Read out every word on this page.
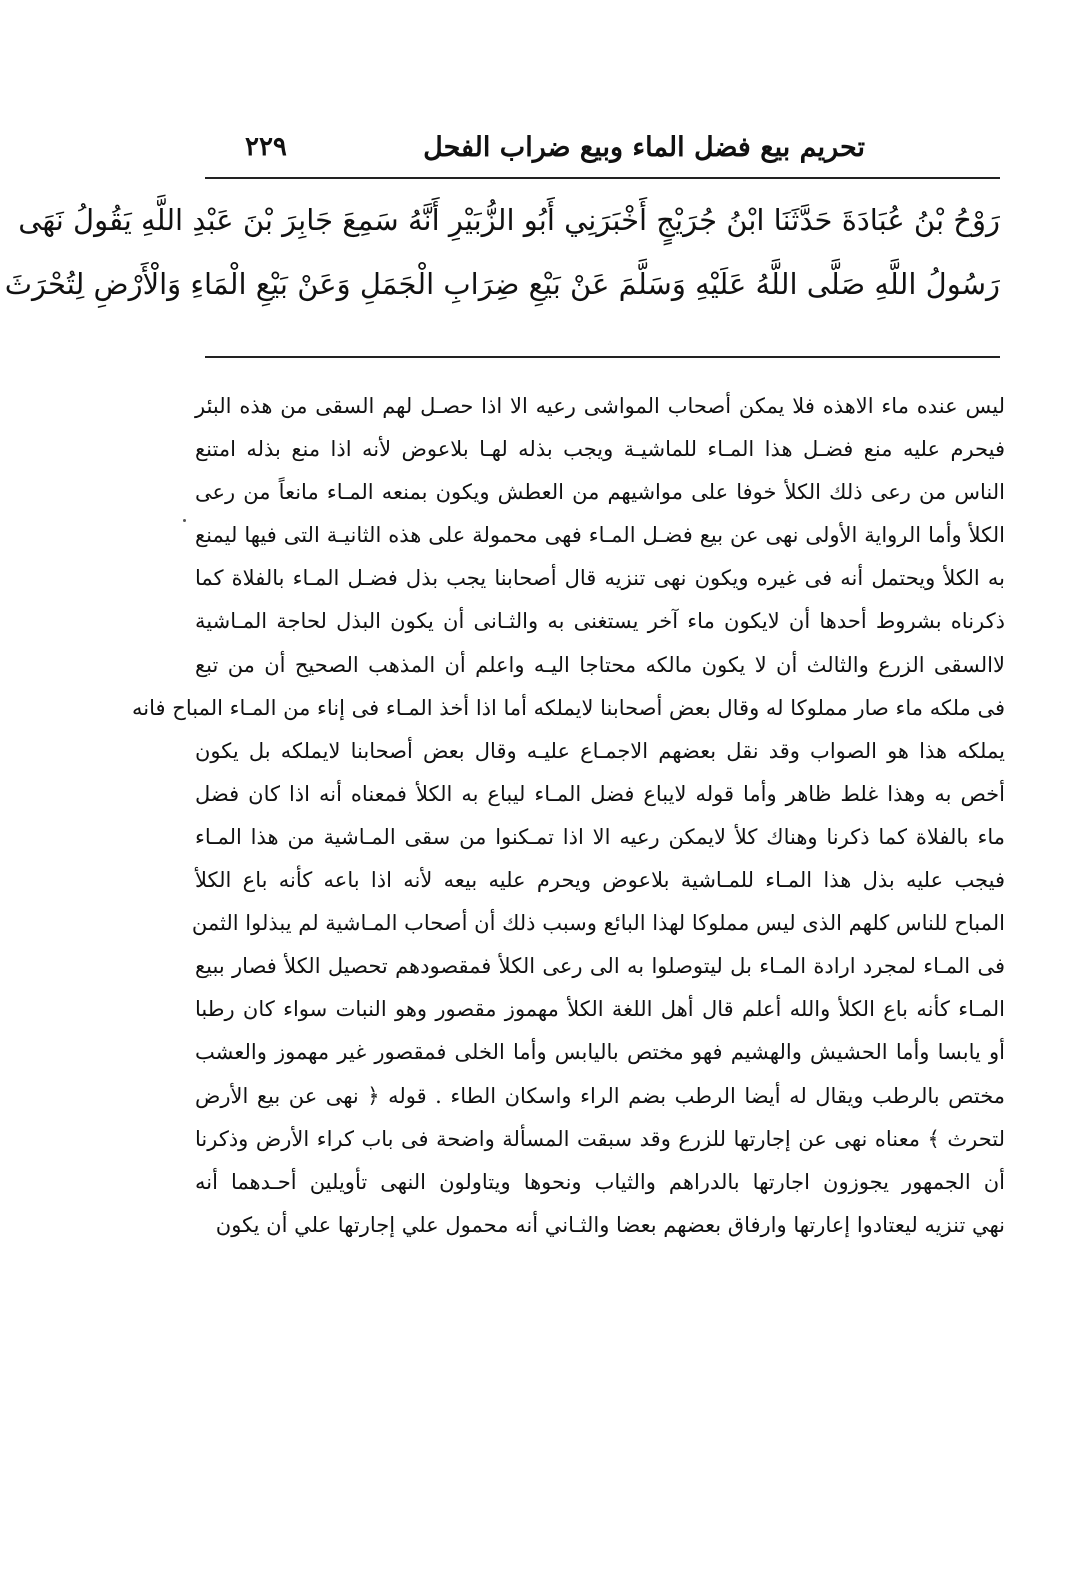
٢٢٩	تحريم بيع فضل الماء وبيع ضراب الفحل
رَوْحُ بْنُ عُبَادَةَ حَدَّثَنَا ابْنُ جُرَيْجٍ أَخْبَرَنِي أَبُو الزُّبَيْرِ أَنَّهُ سَمِعَ جَابِرَ بْنَ عَبْدِ اللَّهِ يَقُولُ نَهَى
رَسُولُ اللَّهِ صَلَّى اللَّهُ عَلَيْهِ وَسَلَّمَ عَنْ بَيْعِ ضِرَابِ الْجَمَلِ وَعَنْ بَيْعِ الْمَاءِ وَالْأَرْضِ لِتُحْرَثَ
ليس عنده ماء الاهذه فلا يمكن أصحاب المواشى رعيه الا اذا حصـل لهم السقى من هذه البئر
فيحرم عليه منع فضـل هذا المـاء للماشيـة ويجب بذله لهـا بلاعوض لأنه اذا منع بذله امتنع
الناس من رعى ذلك الكلأ خوفا على مواشيهم من العطش ويكون بمنعه المـاء مانعاً من رعى
الكلأ وأما الرواية الأولى نهى عن بيع فضـل المـاء فهى محمولة على هذه الثانيـة التى فيها ليمنع
به الكلأ ويحتمل أنه فى غيره ويكون نهى تنزيه قال أصحابنا يجب بذل فضـل المـاء بالفلاة كما
ذكرناه بشروط أحدها أن لايكون ماء آخر يستغنى به والثـانى أن يكون البذل لحاجة المـاشية
لاالسقى الزرع والثالث أن لا يكون مالكه محتاجا اليـه واعلم أن المذهب الصحيح أن من تبع
فى ملكه ماء صار مملوكا له وقال بعض أصحابنا لايملكه أما اذا أخذ المـاء فى إناء من المـاء المباح فانه
يملكه هذا هو الصواب وقد نقل بعضهم الاجمـاع عليـه وقال بعض أصحابنا لايملكه بل يكون
أخص به وهذا غلط ظاهر وأما قوله لايباع فضل المـاء ليباع به الكلأ فمعناه أنه اذا كان فضل
ماء بالفلاة كما ذكرنا وهناك كلأ لايمكن رعيه الا اذا تمـكنوا من سقى المـاشية من هذا المـاء
فيجب عليه بذل هذا المـاء للمـاشية بلاعوض ويحرم عليه بيعه لأنه اذا باعه كأنه باع الكلأ
المباح للناس كلهم الذى ليس مملوكا لهذا البائع وسبب ذلك أن أصحاب المـاشية لم يبذلوا الثمن
فى المـاء لمجرد ارادة المـاء بل ليتوصلوا به الى رعى الكلأ فمقصودهم تحصيل الكلأ فصار ببيع
المـاء كأنه باع الكلأ والله أعلم قال أهل اللغة الكلأ مهموز مقصور وهو النبات سواء كان رطبا
أو يابسا وأما الحشيش والهشيم فهو مختص باليابس وأما الخلى فمقصور غير مهموز والعشب
مختص بالرطب ويقال له أيضا الرطب بضم الراء واسكان الطاء . قوله ﴿ نهى عن بيع الأرض
لتحرث ﴾ معناه نهى عن إجارتها للزرع وقد سبقت المسألة واضحة فى باب كراء الأرض وذكرنا
أن الجمهور يجوزون اجارتها بالدراهم والثياب ونحوها ويتاولون النهى تأويلين أحـدهما أنه
نهي تنزيه ليعتادوا إعارتها وارفاق بعضهم بعضا والثـاني أنه محمول علي إجارتها علي أن يكون
